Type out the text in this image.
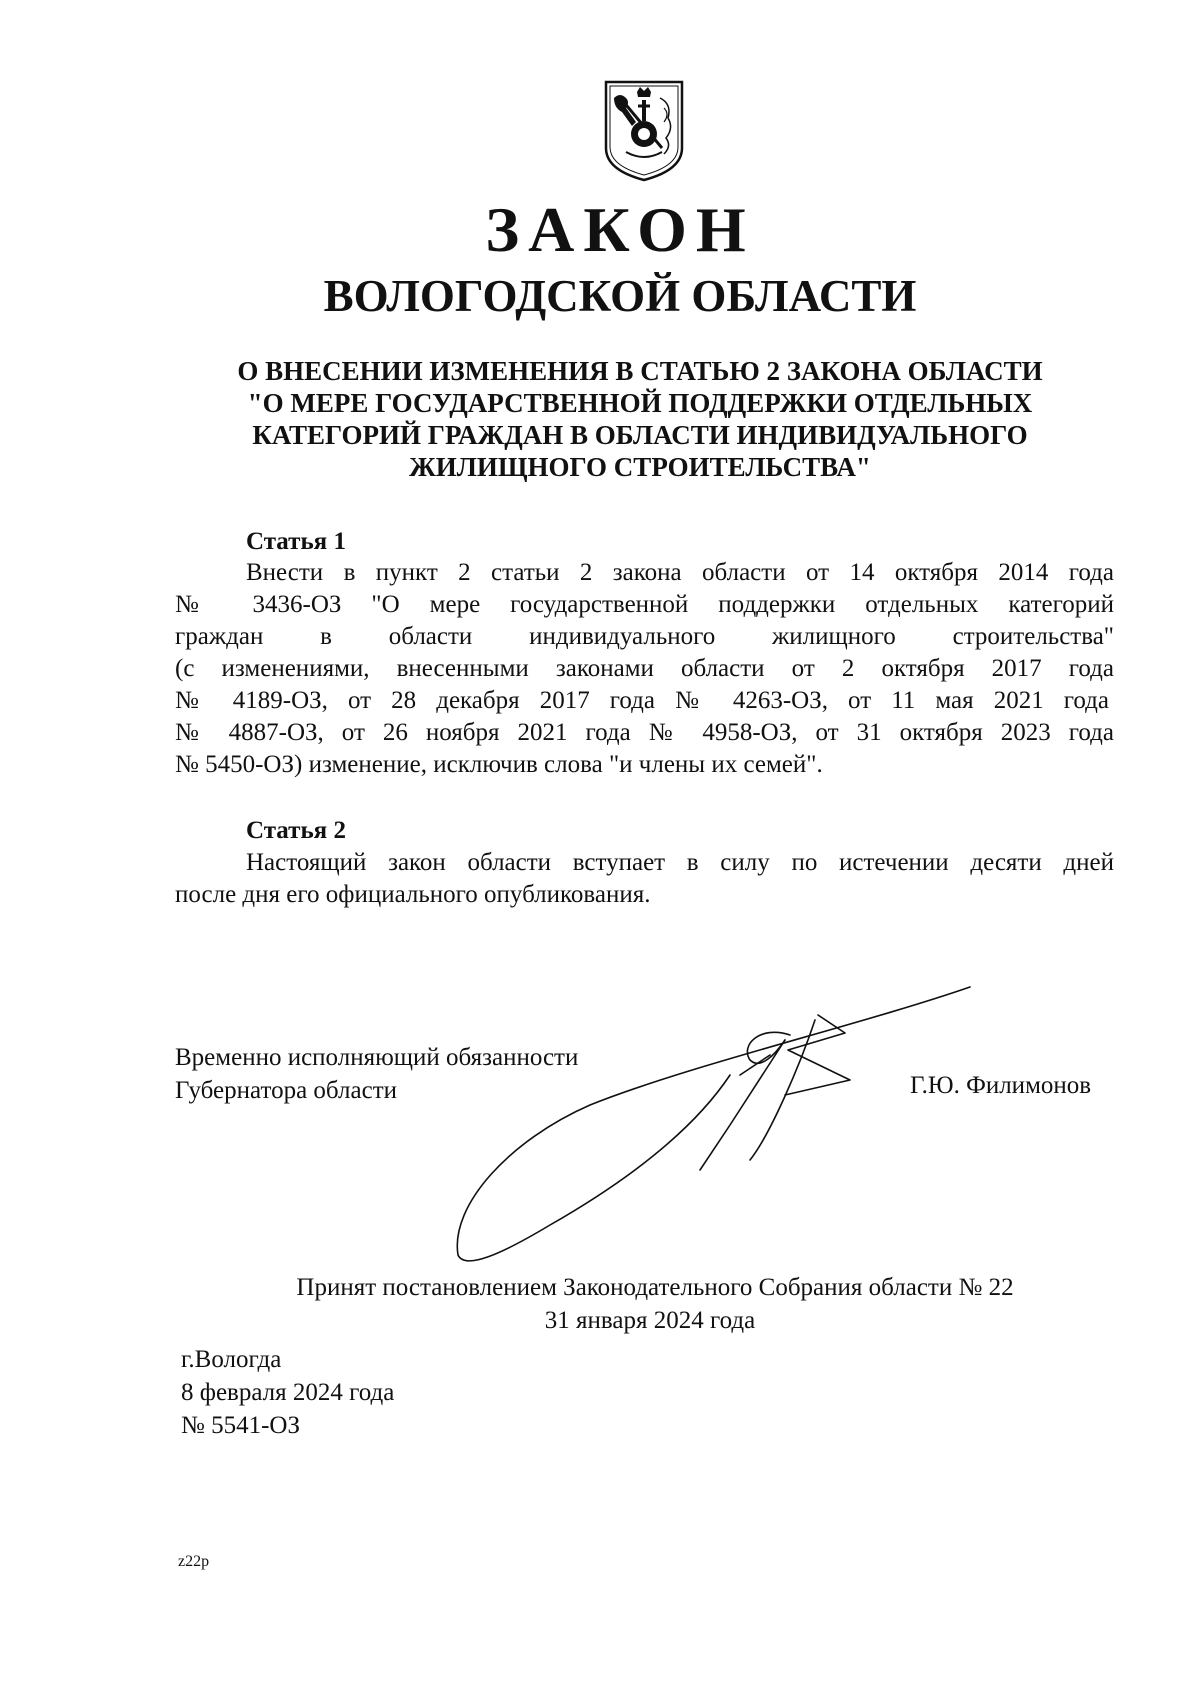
ЗАКОН
ВОЛОГОДСКОЙ ОБЛАСТИ
О ВНЕСЕНИИ ИЗМЕНЕНИЯ В СТАТЬЮ 2 ЗАКОНА ОБЛАСТИ
"О МЕРЕ ГОСУДАРСТВЕННОЙ ПОДДЕРЖКИ ОТДЕЛЬНЫХ
КАТЕГОРИЙ ГРАЖДАН В ОБЛАСТИ ИНДИВИДУАЛЬНОГО
ЖИЛИЩНОГО СТРОИТЕЛЬСТВА"
Статья 1
Внести в пункт 2 статьи 2 закона области от 14 октября 2014 года
№ 3436-ОЗ "О мере государственной поддержки отдельных категорий
граждан в области индивидуального жилищного строительства"
(с изменениями, внесенными законами области от 2 октября 2017 года
№ 4189-ОЗ, от 28 декабря 2017 года № 4263-ОЗ, от 11 мая 2021 года
№ 4887-ОЗ, от 26 ноября 2021 года № 4958-ОЗ, от 31 октября 2023 года
№ 5450-ОЗ) изменение, исключив слова "и члены их семей".
Статья 2
Настоящий закон области вступает в силу по истечении десяти дней
после дня его официального опубликования.
Временно исполняющий обязанности
Губернатора области	Г.Ю. Филимонов
Принят постановлением Законодательного Собрания области № 22
31 января 2024 года
г.Вологда
8 февраля 2024 года
№ 5541-ОЗ
z22р
